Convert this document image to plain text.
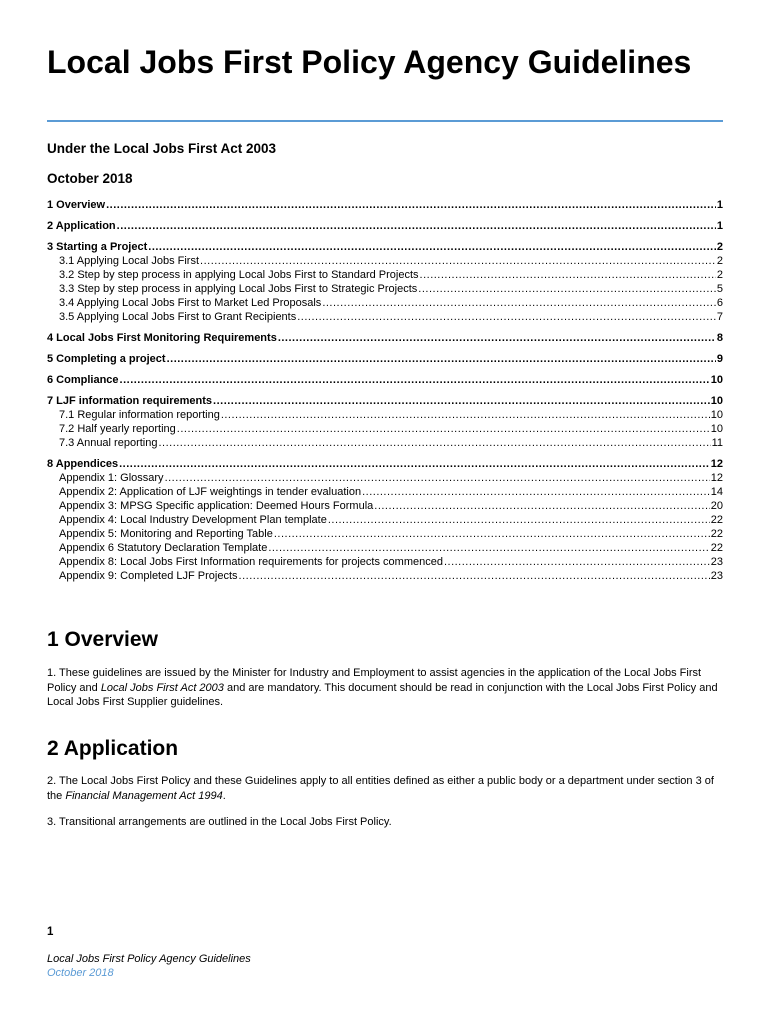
Local Jobs First Policy Agency Guidelines
Under the Local Jobs First Act 2003
October 2018
1 Overview .....	1
2 Application .....	1
3 Starting a Project .....	2
3.1 Applying Local Jobs First .....	2
3.2 Step by step process in applying Local Jobs First to Standard Projects .....	2
3.3 Step by step process in applying Local Jobs First to Strategic Projects .....	5
3.4 Applying Local Jobs First to Market Led Proposals .....	6
3.5 Applying Local Jobs First to Grant Recipients .....	7
4 Local Jobs First Monitoring Requirements .....	8
5 Completing a project .....	9
6 Compliance .....	10
7 LJF information requirements .....	10
7.1 Regular information reporting .....	10
7.2 Half yearly reporting .....	10
7.3 Annual reporting .....	11
8 Appendices .....	12
Appendix 1: Glossary .....	12
Appendix 2: Application of LJF weightings in tender evaluation .....	14
Appendix 3: MPSG Specific application: Deemed Hours Formula .....	20
Appendix 4: Local Industry Development Plan template .....	22
Appendix 5: Monitoring and Reporting Table .....	22
Appendix 6 Statutory Declaration Template .....	22
Appendix 8: Local Jobs First Information requirements for projects commenced .....	23
Appendix 9: Completed LJF Projects .....	23
1 Overview

1. These guidelines are issued by the Minister for Industry and Employment to assist agencies in the application of the Local Jobs First Policy and Local Jobs First Act 2003 and are mandatory. This document should be read in conjunction with the Local Jobs First Policy and Local Jobs First Supplier guidelines.

2 Application

2. The Local Jobs First Policy and these Guidelines apply to all entities defined as either a public body or a department under section 3 of the Financial Management Act 1994.

3. Transitional arrangements are outlined in the Local Jobs First Policy.

1
Local Jobs First Policy Agency Guidelines
October 2018
